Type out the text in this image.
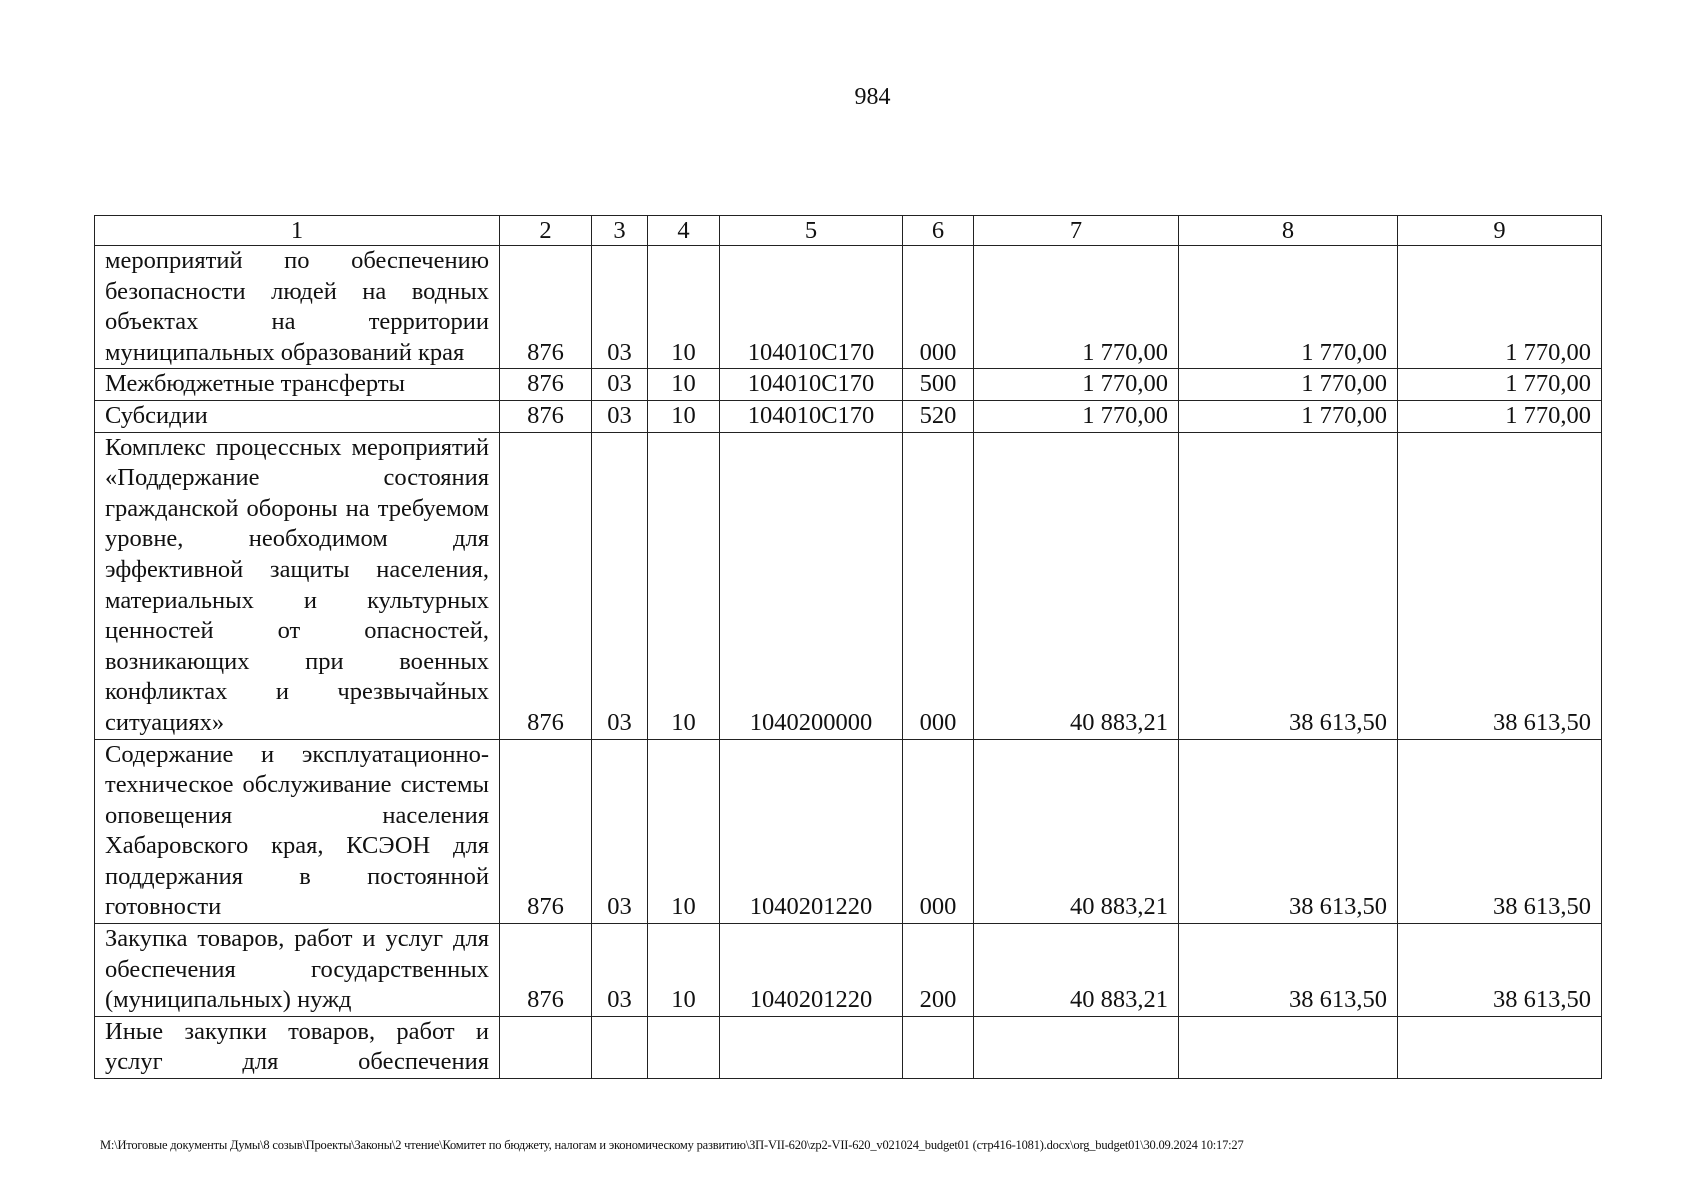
984
1	2	3	4	5	6	7	8	9
мероприятий по обеспечению безопасности людей на водных объектах на территории муниципальных образований края	876	03	10	104010С170	000	1 770,00	1 770,00	1 770,00
Межбюджетные трансферты	876	03	10	104010С170	500	1 770,00	1 770,00	1 770,00
Субсидии	876	03	10	104010С170	520	1 770,00	1 770,00	1 770,00
Комплекс процессных мероприятий «Поддержание состояния гражданской обороны на требуемом уровне, необходимом для эффективной защиты населения, материальных и культурных ценностей от опасностей, возникающих при военных конфликтах и чрезвычайных ситуациях»	876	03	10	1040200000	000	40 883,21	38 613,50	38 613,50
Содержание и эксплуатационно-техническое обслуживание системы оповещения населения Хабаровского края, КСЭОН для поддержания в постоянной готовности	876	03	10	1040201220	000	40 883,21	38 613,50	38 613,50
Закупка товаров, работ и услуг для обеспечения государственных (муниципальных) нужд	876	03	10	1040201220	200	40 883,21	38 613,50	38 613,50
Иные закупки товаров, работ и услуг для обеспечения								
M:\Итоговые документы Думы\8 созыв\Проекты\Законы\2 чтение\Комитет по бюджету, налогам и экономическому развитию\ЗП-VII-620\zp2-VII-620_v021024_budget01 (стр416-1081).docx\org_budget01\30.09.2024 10:17:27
